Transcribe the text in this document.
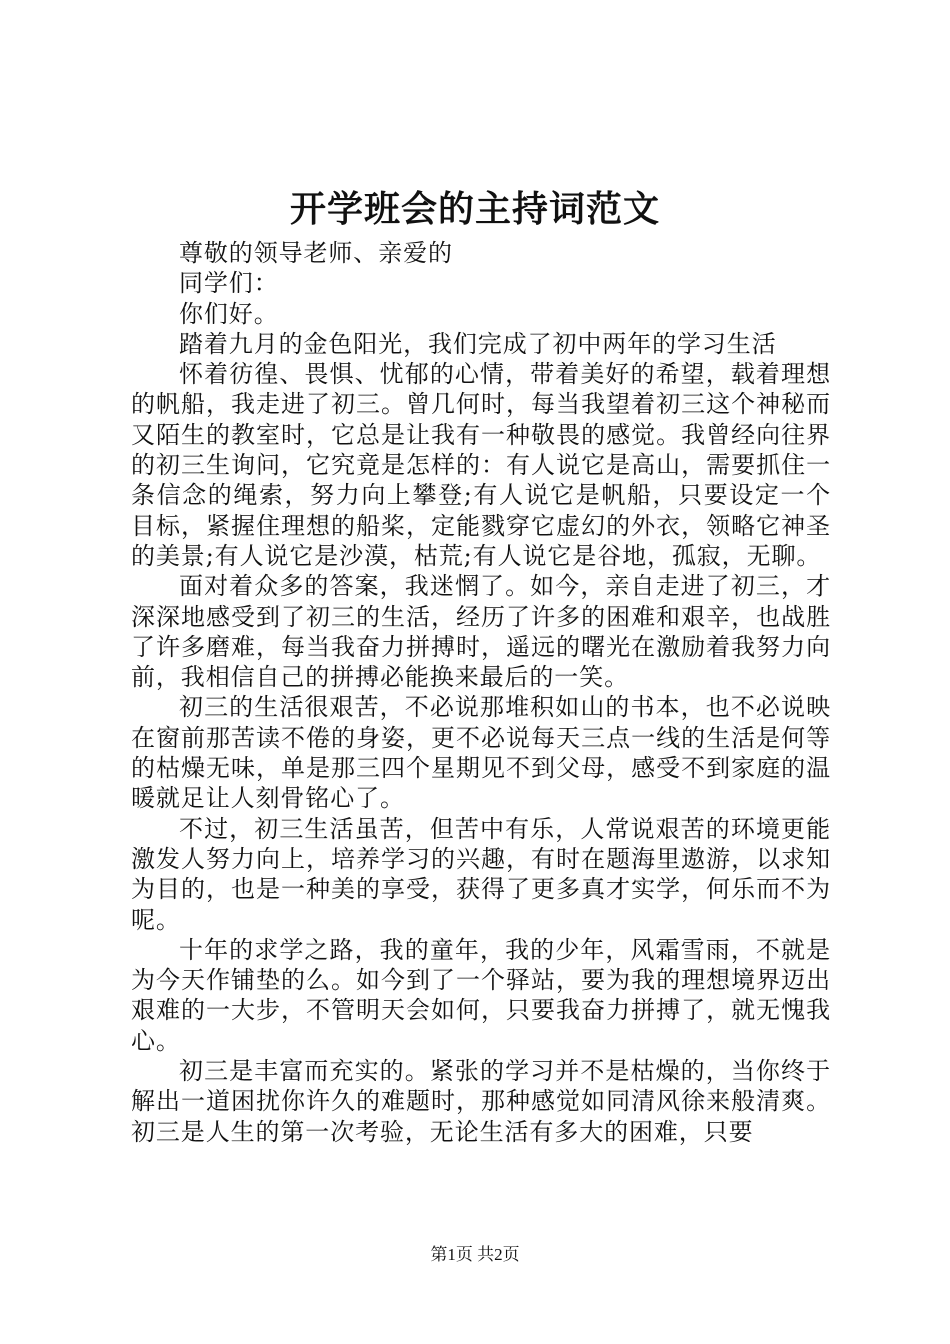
开学班会的主持词范文

尊敬的领导老师、亲爱的

同学们：

你们好。

踏着九月的金色阳光，我们完成了初中两年的学习生活

怀着彷徨、畏惧、忧郁的心情，带着美好的希望，载着理想的帆船，我走进了初三。曾几何时，每当我望着初三这个神秘而又陌生的教室时，它总是让我有一种敬畏的感觉。我曾经向往界的初三生询问，它究竟是怎样的：有人说它是高山，需要抓住一条信念的绳索，努力向上攀登;有人说它是帆船，只要设定一个目标，紧握住理想的船桨，定能戮穿它虚幻的外衣，领略它神圣的美景;有人说它是沙漠，枯荒;有人说它是谷地，孤寂，无聊。

面对着众多的答案，我迷惘了。如今，亲自走进了初三，才深深地感受到了初三的生活，经历了许多的困难和艰辛，也战胜了许多磨难，每当我奋力拼搏时，遥远的曙光在激励着我努力向前，我相信自己的拼搏必能换来最后的一笑。

初三的生活很艰苦，不必说那堆积如山的书本，也不必说映在窗前那苦读不倦的身姿，更不必说每天三点一线的生活是何等的枯燥无味，单是那三四个星期见不到父母，感受不到家庭的温暖就足让人刻骨铭心了。

不过，初三生活虽苦，但苦中有乐，人常说艰苦的环境更能激发人努力向上，培养学习的兴趣，有时在题海里遨游，以求知为目的，也是一种美的享受，获得了更多真才实学，何乐而不为呢。

十年的求学之路，我的童年，我的少年，风霜雪雨，不就是为今天作铺垫的么。如今到了一个驿站，要为我的理想境界迈出艰难的一大步，不管明天会如何，只要我奋力拼搏了，就无愧我心。

初三是丰富而充实的。紧张的学习并不是枯燥的，当你终于解出一道困扰你许久的难题时，那种感觉如同清风徐来般清爽。初三是人生的第一次考验，无论生活有多大的困难，只要

第1页 共2页
